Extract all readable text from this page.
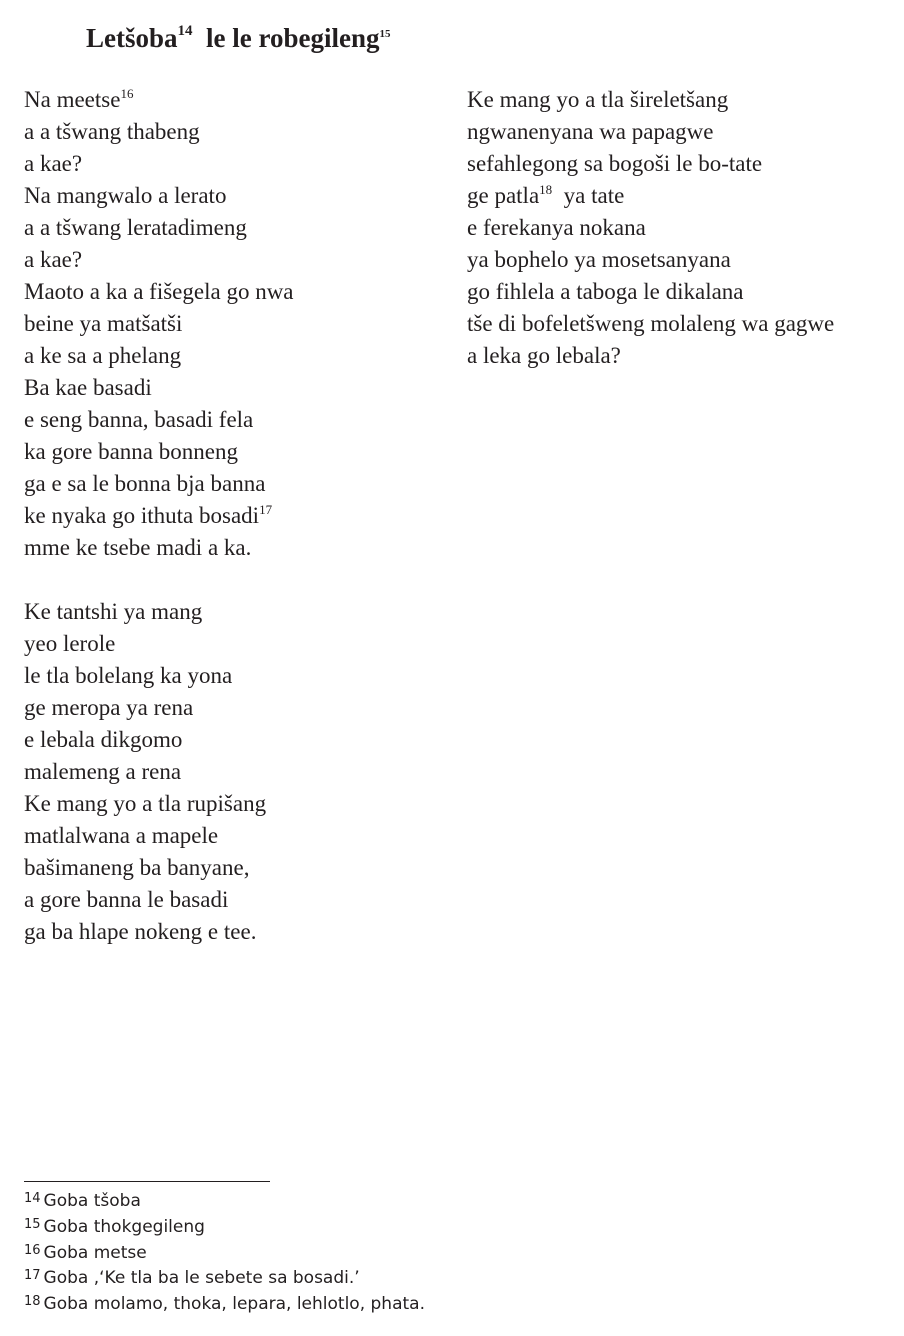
Letšoba$^{14}$ le le robegileng$^{15}$
Na meetse$^{16}$
a a tšwang thabeng
a kae?
Na mangwalo a lerato
a a tšwang leratadimeng
a kae?
Maoto a ka a fišegela go nwa
beine ya matšatši
a ke sa a phelang
Ba kae basadi
e seng banna, basadi fela
ka gore banna bonneng
ga e sa le bonna bja banna
ke nyaka go ithuta bosadi$^{17}$
mme ke tsebe madi a ka.
Ke tantshi ya mang
yeo lerole
le tla bolelang ka yona
ge meropa ya rena
e lebala dikgomo
malemeng a rena
Ke mang yo a tla rupišang
matlalwana a mapele
bašimaneng ba banyane,
a gore banna le basadi
ga ba hlape nokeng e tee.
Ke mang yo a tla šireletšang
ngwanenyana wa papagwe
sefahlegong sa bogoši le bo-tate
ge patla$^{18}$ ya tate
e ferekanya nokana
ya bophelo ya mosetsanyana
go fihlela a taboga le dikalana
tše di bofeletšweng molaleng wa gagwe
a leka go lebala?
$^{14}$ Goba tšoba
$^{15}$ Goba thokgegileng
$^{16}$ Goba metse
$^{17}$ Goba ,‘Ke tla ba le sebete sa bosadi.’
$^{18}$ Goba molamo, thoka, lepara, lehlotlo, phata.
